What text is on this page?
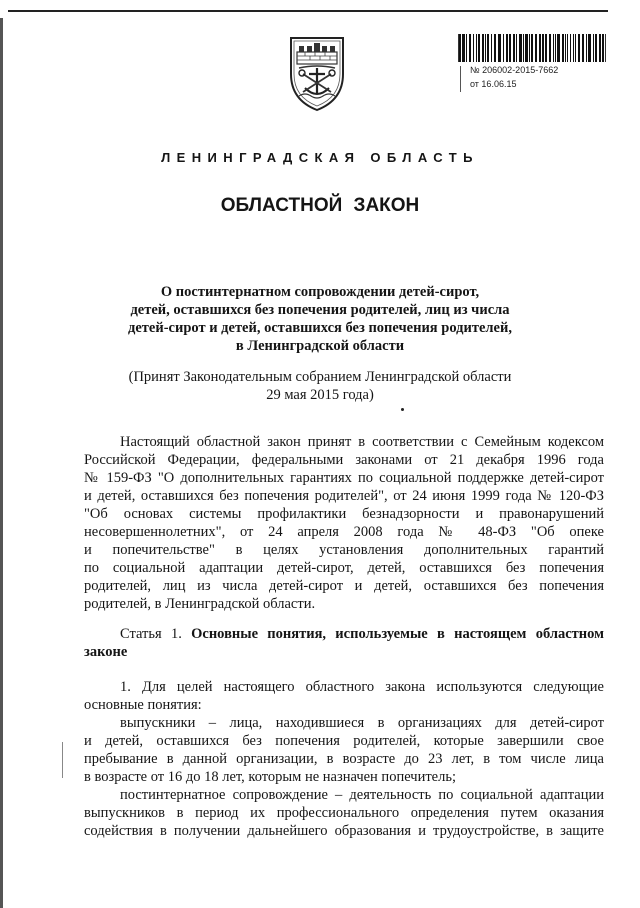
№ 206002-2015-7662
от 16.06.15
ЛЕНИНГРАДСКАЯ ОБЛАСТЬ
ОБЛАСТНОЙ ЗАКОН
О постинтернатном сопровождении детей-сирот,
детей, оставшихся без попечения родителей, лиц из числа
детей-сирот и детей, оставшихся без попечения родителей,
в Ленинградской области
(Принят Законодательным собранием Ленинградской области
29 мая 2015 года)

Настоящий областной закон принят в соответствии с Семейным кодексом

Российской Федерации, федеральными законами от 21 декабря 1996 года

№ 159-ФЗ "О дополнительных гарантиях по социальной поддержке детей-сирот

и детей, оставшихся без попечения родителей", от 24 июня 1999 года № 120-ФЗ

"Об основах системы профилактики безнадзорности и правонарушений

несовершеннолетних", от 24 апреля 2008 года № 48-ФЗ "Об опеке

и попечительстве" в целях установления дополнительных гарантий

по социальной адаптации детей-сирот, детей, оставшихся без попечения

родителей, лиц из числа детей-сирот и детей, оставшихся без попечения

родителей, в Ленинградской области.

Статья 1. Основные понятия, используемые в настоящем областном законе

1. Для целей настоящего областного закона используются следующие

основные понятия:

выпускники – лица, находившиеся в организациях для детей-сирот

и детей, оставшихся без попечения родителей, которые завершили свое

пребывание в данной организации, в возрасте до 23 лет, в том числе лица

в возрасте от 16 до 18 лет, которым не назначен попечитель;

постинтернатное сопровождение – деятельность по социальной адаптации

выпускников в период их профессионального определения путем оказания

содействия в получении дальнейшего образования и трудоустройстве, в защите
